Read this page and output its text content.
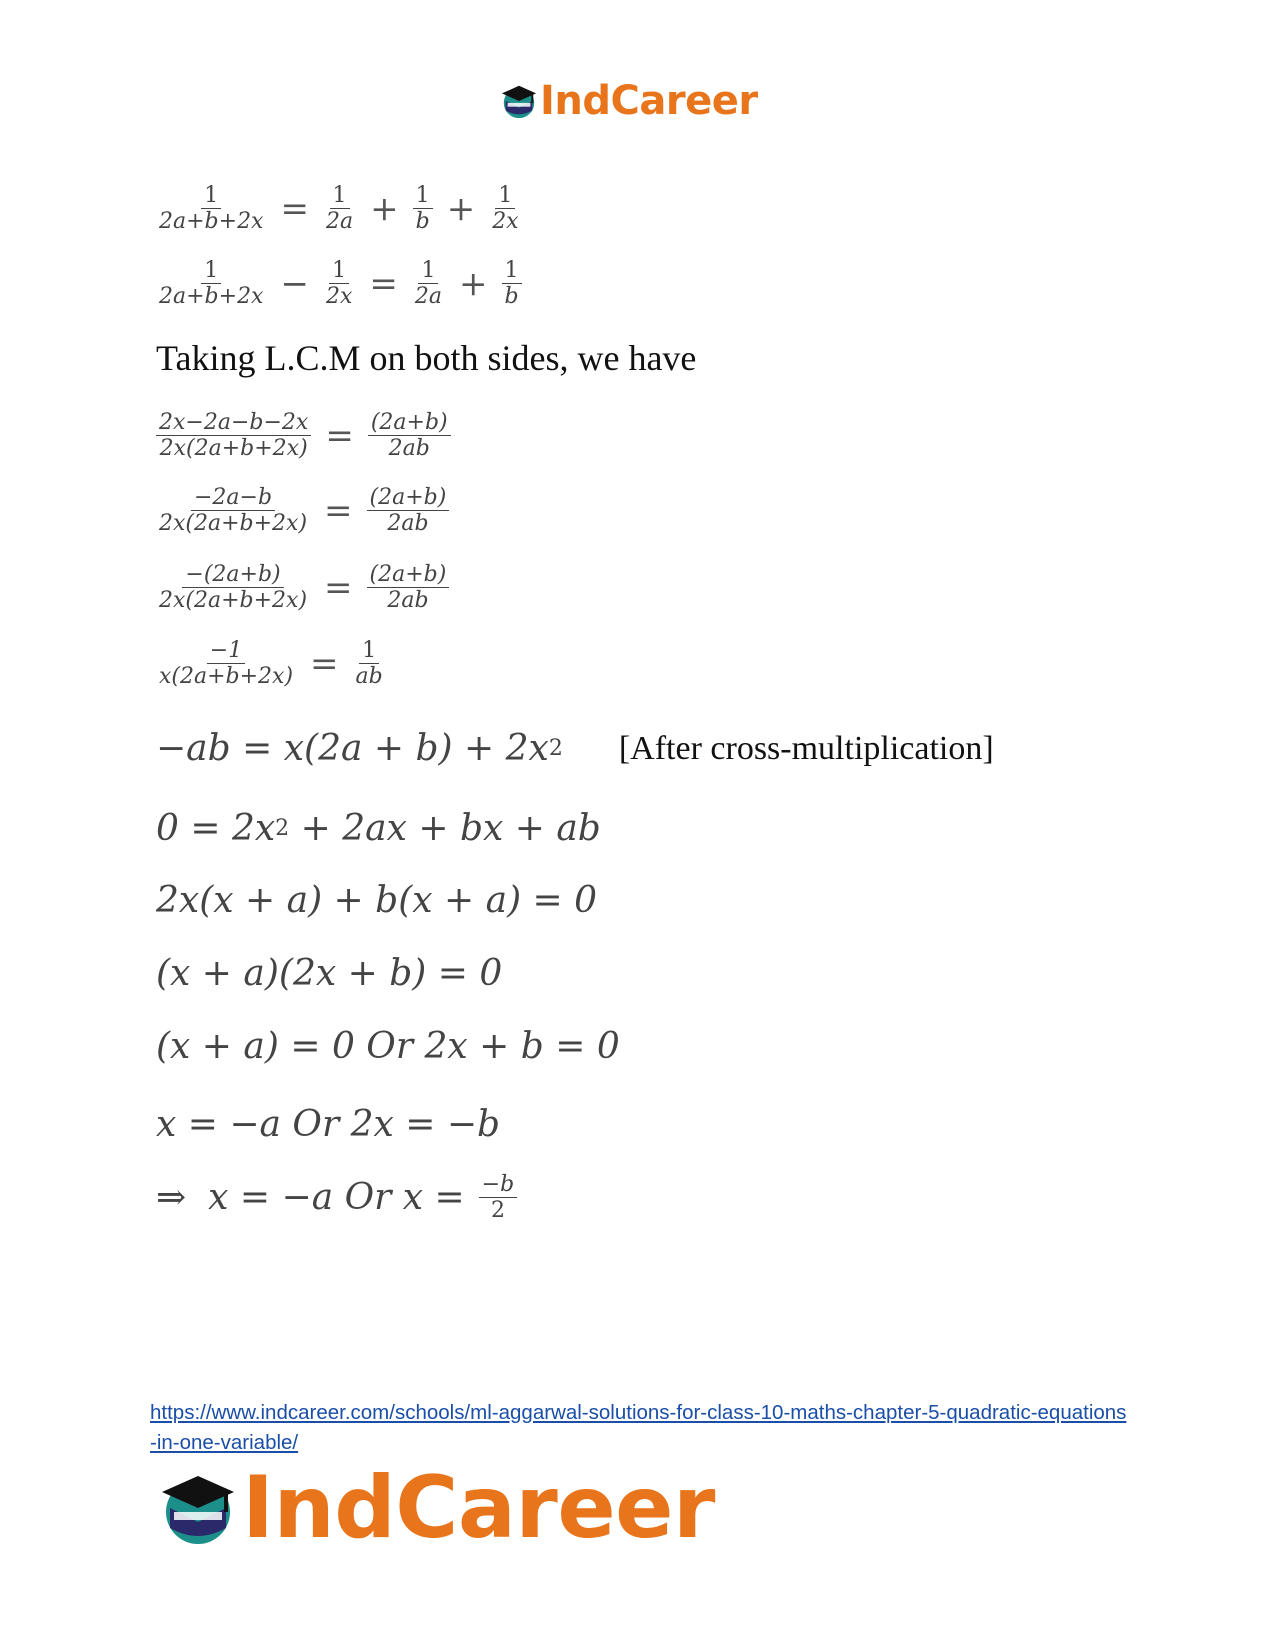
IndCareer
$\frac{1}{2a+b+2x} = \frac{1}{2a} + \frac{1}{b} + \frac{1}{2x}$
$\frac{1}{2a+b+2x} - \frac{1}{2x} = \frac{1}{2a} + \frac{1}{b}$
Taking L.C.M on both sides, we have
$\frac{2x-2a-b-2x}{2x(2a+b+2x)} = \frac{(2a+b)}{2ab}$
$\frac{-2a-b}{2x(2a+b+2x)} = \frac{(2a+b)}{2ab}$
$\frac{-(2a+b)}{2x(2a+b+2x)} = \frac{(2a+b)}{2ab}$
$\frac{-1}{x(2a+b+2x)} = \frac{1}{ab}$
−ab = x(2a + b) + 2x 2 [After cross-multiplication]
0 = 2x 2 + 2ax + bx + ab
2x(x + a) + b(x + a) = 0
(x + a)(2x + b) = 0
(x + a) = 0 Or 2x + b = 0
x = −a Or 2x = −b
⇒ x = −a Or $x = \frac{-b}{2}$
https://www.indcareer.com/schools/ml-aggarwal-solutions-for-class-10-maths-chapter-5-quadratic-equations-in-one-variable/
IndCareer
